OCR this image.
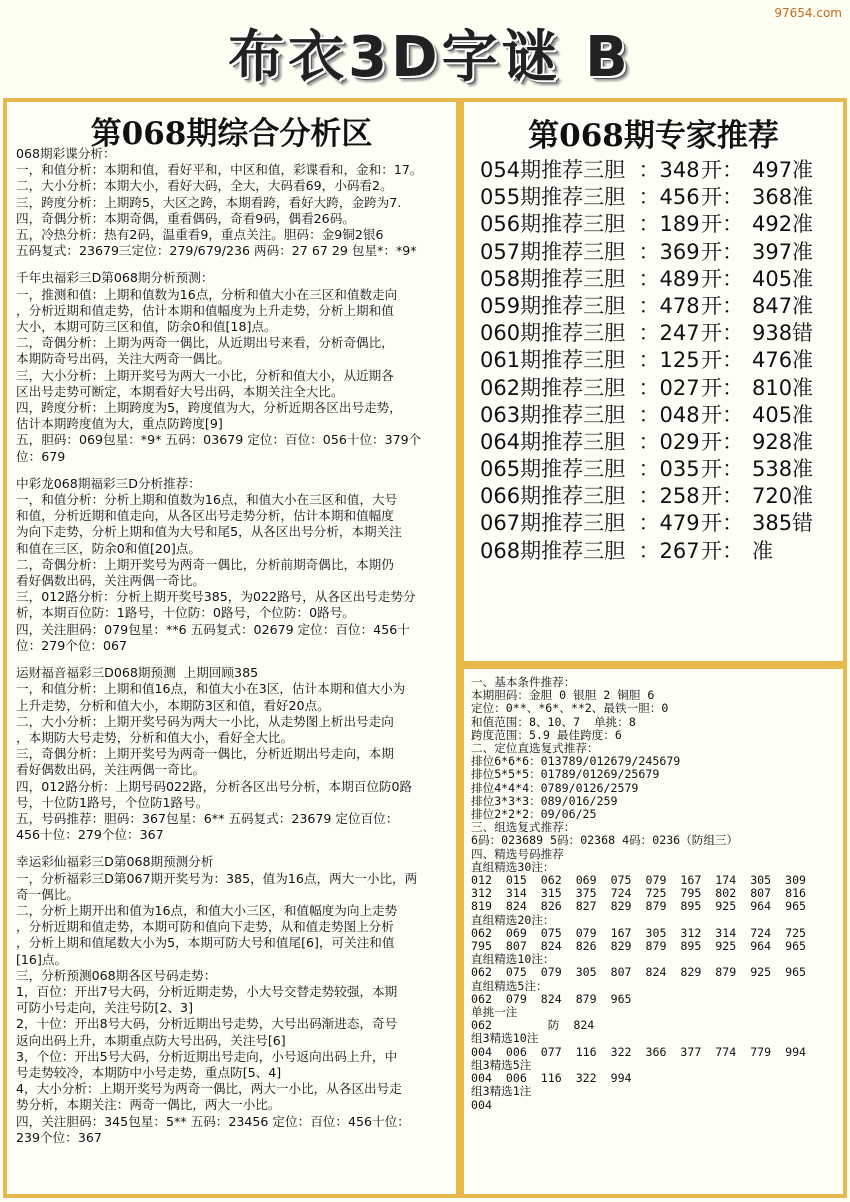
97654.com
布衣3D字谜 B
第068期综合分析区
068期彩谍分析：
一，和值分析：本期和值，看好平和，中区和值，彩谍看和，金和：17。
二，大小分析：本期大小，看好大码，全大，大码看69，小码看2。
三，跨度分析：上期跨5，大区之跨，本期看跨，看好大跨，金跨为7.
四，奇偶分析：本期奇偶，重看偶码，奇看9码，偶看26码。
五，冷热分析：热有2码，温重看9，重点关注。胆码：金9铜2银6
五码复式：23679三定位：279/679/236 两码：27 67 29 包星*：*9*
千年虫福彩三D第068期分析预测：
一，推测和值：上期和值数为16点，分析和值大小在三区和值数走向
，分析近期和值走势，估计本期和值幅度为上升走势，分析上期和值
大小，本期可防三区和值，防余0和值[18]点。
二，奇偶分析：上期为两奇一偶比，从近期出号来看，分析奇偶比，
本期防奇号出码，关注大两奇一偶比。
三，大小分析：上期开奖号为两大一小比，分析和值大小，从近期各
区出号走势可断定，本期看好大号出码，本期关注全大比。
四，跨度分析：上期跨度为5，跨度值为大，分析近期各区出号走势，
估计本期跨度值为大，重点防跨度[9]
五，胆码：069包星：*9* 五码：03679 定位：百位：056十位：379个
位：679
中彩龙068期福彩三D分析推荐：
一，和值分析：分析上期和值数为16点，和值大小在三区和值，大号
和值，分析近期和值走向，从各区出号走势分析，估计本期和值幅度
为向下走势，分析上期和值为大号和尾5，从各区出号分析，本期关注
和值在三区，防余0和值[20]点。
二，奇偶分析：上期开奖号为两奇一偶比，分析前期奇偶比，本期仍
看好偶数出码，关注两偶一奇比。
三，012路分析：分析上期开奖号385，为022路号，从各区出号走势分
析，本期百位防：1路号，十位防：0路号，个位防：0路号。
四，关注胆码：079包星：**6 五码复式：02679 定位：百位：456十
位：279个位：067
运财福音福彩三D068期预测  上期回顾385
一，和值分析：上期和值16点，和值大小在3区，估计本期和值大小为
上升走势，分析和值大小，本期防3区和值，看好20点。
二，大小分析：上期开奖号码为两大一小比，从走势图上析出号走向
，本期防大号走势，分析和值大小，看好全大比。
三，奇偶分析：上期开奖号为两奇一偶比，分析近期出号走向，本期
看好偶数出码，关注两偶一奇比。
四，012路分析：上期号码022路，分析各区出号分析，本期百位防0路
号，十位防1路号，个位防1路号。
五，号码推荐：胆码：367包星：6** 五码复式：23679 定位百位：
456十位：279个位：367
幸运彩仙福彩三D第068期预测分析
一，分析福彩三D第067期开奖号为：385，值为16点，两大一小比，两
奇一偶比。
二，分析上期开出和值为16点，和值大小三区，和值幅度为向上走势
，分析近期和值走势，本期可防和值向下走势，从和值走势图上分析
，分析上期和值尾数大小为5，本期可防大号和值尾[6]，可关注和值
[16]点。
三，分析预测068期各区号码走势：
1，百位：开出7号大码，分析近期走势，小大号交替走势较强，本期
可防小号走向，关注号防[2、3]
2，十位：开出8号大码，分析近期出号走势，大号出码渐进态，奇号
返向出码上升，本期重点防大号出码，关注号[6]
3，个位：开出5号大码，分析近期出号走向，小号返向出码上升，中
号走势较冷，本期防中小号走势，重点防[5、4]
4，大小分析：上期开奖号为两奇一偶比，两大一小比，从各区出号走
势分析，本期关注：两奇一偶比，两大一小比。
四，关注胆码：345包星：5** 五码：23456 定位：百位：456十位：
239个位：367
第068期专家推荐
054期推荐三胆 ：348 开： 497准
055期推荐三胆 ：456 开： 368准
056期推荐三胆 ：189 开： 492准
057期推荐三胆 ：369 开： 397准
058期推荐三胆 ：489 开： 405准
059期推荐三胆 ：478 开： 847准
060期推荐三胆 ：247 开： 938错
061期推荐三胆 ：125 开： 476准
062期推荐三胆 ：027 开： 810准
063期推荐三胆 ：048 开： 405准
064期推荐三胆 ：029 开： 928准
065期推荐三胆 ：035 开： 538准
066期推荐三胆 ：258 开： 720准
067期推荐三胆 ：479 开： 385错
068期推荐三胆 ：267 开： 准
一、基本条件推荐：
本期胆码：金胆 0 银胆 2 铜胆 6
定位：0**、*6*、**2、最铁一胆：0
和值范围：8、10、7  单挑：8
跨度范围：5.9 最佳跨度：6
二、定位直选复式推荐：
排位6*6*6：013789/012679/245679
排位5*5*5：01789/01269/25679
排位4*4*4：0789/0126/2579
排位3*3*3：089/016/259
排位2*2*2：09/06/25
三、组选复式推荐：
6码：023689 5码：02368 4码：0236（防组三）
四、精选号码推荐
直组精选30注：
012  015  062  069  075  079  167  174  305  309
312  314  315  375  724  725  795  802  807  816
819  824  826  827  829  879  895  925  964  965
直组精选20注：
062  069  075  079  167  305  312  314  724  725
795  807  824  826  829  879  895  925  964  965
直组精选10注：
062  075  079  305  807  824  829  879  925  965
直组精选5注：
062  079  824  879  965
单挑一注
062        防  824
组3精选10注
004  006  077  116  322  366  377  774  779  994
组3精选5注
004  006  116  322  994
组3精选1注
004
